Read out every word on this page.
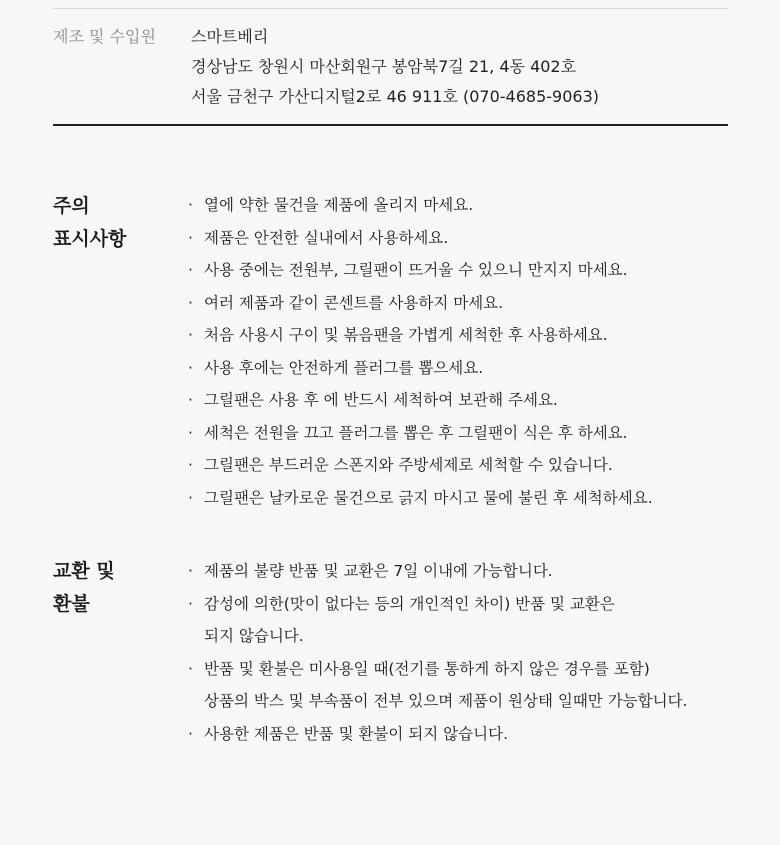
제조 및 수입원 스마트베리
경상남도 창원시 마산회원구 봉암북7길 21, 4동 402호
서울 금천구 가산디지털2로 46 911호 (070-4685-9063)
주의
표시사항
· 열에 약한 물건을 제품에 올리지 마세요.
· 제품은 안전한 실내에서 사용하세요.
· 사용 중에는 전원부, 그릴팬이 뜨거울 수 있으니 만지지 마세요.
· 여러 제품과 같이 콘센트를 사용하지 마세요.
· 처음 사용시 구이 및 볶음팬을 가볍게 세척한 후 사용하세요.
· 사용 후에는 안전하게 플러그를 뽑으세요.
· 그릴팬은 사용 후 에 반드시 세척하여 보관해 주세요.
· 세척은 전원을 끄고 플러그를 뽑은 후 그릴팬이 식은 후 하세요.
· 그릴팬은 부드러운 스폰지와 주방세제로 세척할 수 있습니다.
· 그릴팬은 날카로운 물건으로 긁지 마시고 물에 불린 후 세척하세요.
교환 및
환불
· 제품의 불량 반품 및 교환은 7일 이내에 가능합니다.
· 감성에 의한(맛이 없다는 등의 개인적인 차이) 반품 및 교환은
되지 않습니다.
· 반품 및 환불은 미사용일 때(전기를 통하게 하지 않은 경우를 포함)
상품의 박스 및 부속품이 전부 있으며 제품이 원상태 일때만 가능합니다.
· 사용한 제품은 반품 및 환불이 되지 않습니다.
